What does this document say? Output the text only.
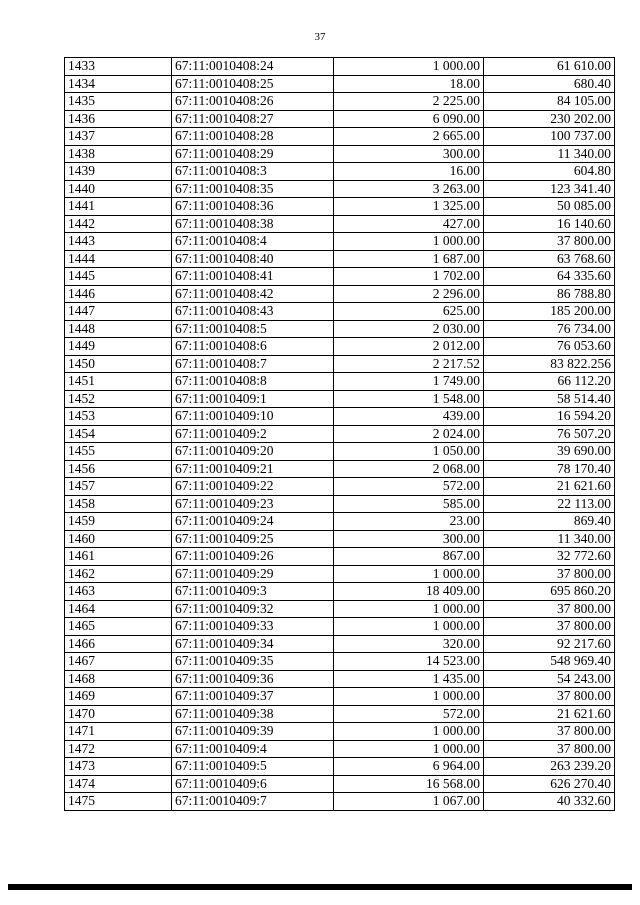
37
1433	67:11:0010408:24	1 000.00	61 610.00
1434	67:11:0010408:25	18.00	680.40
1435	67:11:0010408:26	2 225.00	84 105.00
1436	67:11:0010408:27	6 090.00	230 202.00
1437	67:11:0010408:28	2 665.00	100 737.00
1438	67:11:0010408:29	300.00	11 340.00
1439	67:11:0010408:3	16.00	604.80
1440	67:11:0010408:35	3 263.00	123 341.40
1441	67:11:0010408:36	1 325.00	50 085.00
1442	67:11:0010408:38	427.00	16 140.60
1443	67:11:0010408:4	1 000.00	37 800.00
1444	67:11:0010408:40	1 687.00	63 768.60
1445	67:11:0010408:41	1 702.00	64 335.60
1446	67:11:0010408:42	2 296.00	86 788.80
1447	67:11:0010408:43	625.00	185 200.00
1448	67:11:0010408:5	2 030.00	76 734.00
1449	67:11:0010408:6	2 012.00	76 053.60
1450	67:11:0010408:7	2 217.52	83 822.256
1451	67:11:0010408:8	1 749.00	66 112.20
1452	67:11:0010409:1	1 548.00	58 514.40
1453	67:11:0010409:10	439.00	16 594.20
1454	67:11:0010409:2	2 024.00	76 507.20
1455	67:11:0010409:20	1 050.00	39 690.00
1456	67:11:0010409:21	2 068.00	78 170.40
1457	67:11:0010409:22	572.00	21 621.60
1458	67:11:0010409:23	585.00	22 113.00
1459	67:11:0010409:24	23.00	869.40
1460	67:11:0010409:25	300.00	11 340.00
1461	67:11:0010409:26	867.00	32 772.60
1462	67:11:0010409:29	1 000.00	37 800.00
1463	67:11:0010409:3	18 409.00	695 860.20
1464	67:11:0010409:32	1 000.00	37 800.00
1465	67:11:0010409:33	1 000.00	37 800.00
1466	67:11:0010409:34	320.00	92 217.60
1467	67:11:0010409:35	14 523.00	548 969.40
1468	67:11:0010409:36	1 435.00	54 243.00
1469	67:11:0010409:37	1 000.00	37 800.00
1470	67:11:0010409:38	572.00	21 621.60
1471	67:11:0010409:39	1 000.00	37 800.00
1472	67:11:0010409:4	1 000.00	37 800.00
1473	67:11:0010409:5	6 964.00	263 239.20
1474	67:11:0010409:6	16 568.00	626 270.40
1475	67:11:0010409:7	1 067.00	40 332.60
